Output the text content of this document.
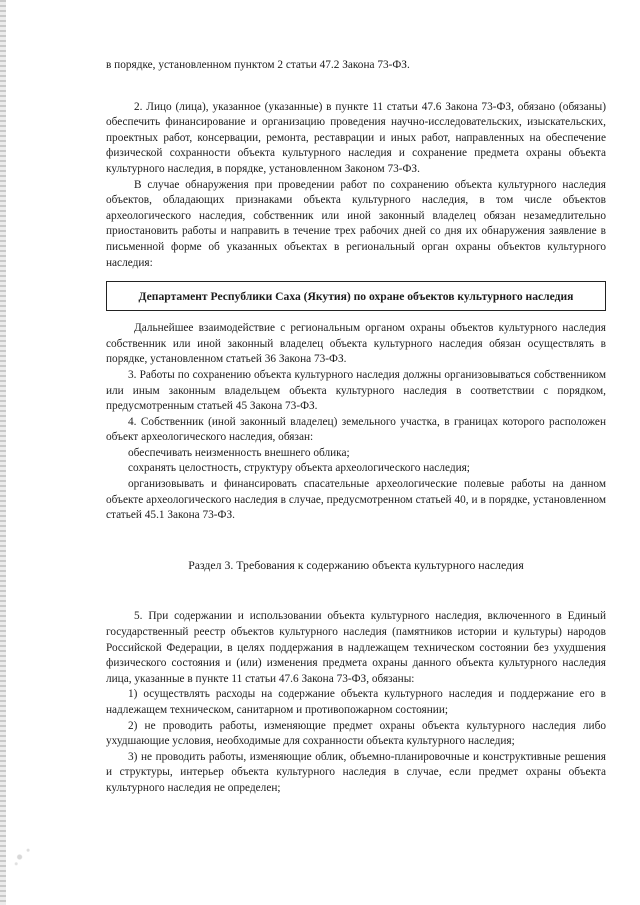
в порядке, установленном пунктом 2 статьи 47.2 Закона 73-ФЗ.

2. Лицо (лица), указанное (указанные) в пункте 11 статьи 47.6 Закона 73-ФЗ, обязано (обязаны) обеспечить финансирование и организацию проведения научно-исследовательских, изыскательских, проектных работ, консервации, ремонта, реставрации и иных работ, направленных на обеспечение физической сохранности объекта культурного наследия и сохранение предмета охраны объекта культурного наследия, в порядке, установленном Законом 73-ФЗ.

В случае обнаружения при проведении работ по сохранению объекта культурного наследия объектов, обладающих признаками объекта культурного наследия, в том числе объектов археологического наследия, собственник или иной законный владелец обязан незамедлительно приостановить работы и направить в течение трех рабочих дней со дня их обнаружения заявление в письменной форме об указанных объектах в региональный орган охраны объектов культурного наследия:

Департамент Республики Саха (Якутия) по охране объектов культурного наследия

Дальнейшее взаимодействие с региональным органом охраны объектов культурного наследия собственник или иной законный владелец объекта культурного наследия обязан осуществлять в порядке, установленном статьей 36 Закона 73-ФЗ.

3. Работы по сохранению объекта культурного наследия должны организовываться собственником или иным законным владельцем объекта культурного наследия в соответствии с порядком, предусмотренным статьей 45 Закона 73-ФЗ.

4. Собственник (иной законный владелец) земельного участка, в границах которого расположен объект археологического наследия, обязан:

обеспечивать неизменность внешнего облика;

сохранять целостность, структуру объекта археологического наследия;

организовывать и финансировать спасательные археологические полевые работы на данном объекте археологического наследия в случае, предусмотренном статьей 40, и в порядке, установленном статьей 45.1 Закона 73-ФЗ.

Раздел 3. Требования к содержанию объекта культурного наследия

5. При содержании и использовании объекта культурного наследия, включенного в Единый государственный реестр объектов культурного наследия (памятников истории и культуры) народов Российской Федерации, в целях поддержания в надлежащем техническом состоянии без ухудшения физического состояния и (или) изменения предмета охраны данного объекта культурного наследия лица, указанные в пункте 11 статьи 47.6 Закона 73-ФЗ, обязаны:

1) осуществлять расходы на содержание объекта культурного наследия и поддержание его в надлежащем техническом, санитарном и противопожарном состоянии;

2) не проводить работы, изменяющие предмет охраны объекта культурного наследия либо ухудшающие условия, необходимые для сохранности объекта культурного наследия;

3) не проводить работы, изменяющие облик, объемно-планировочные и конструктивные решения и структуры, интерьер объекта культурного наследия в случае, если предмет охраны объекта культурного наследия не определен;
